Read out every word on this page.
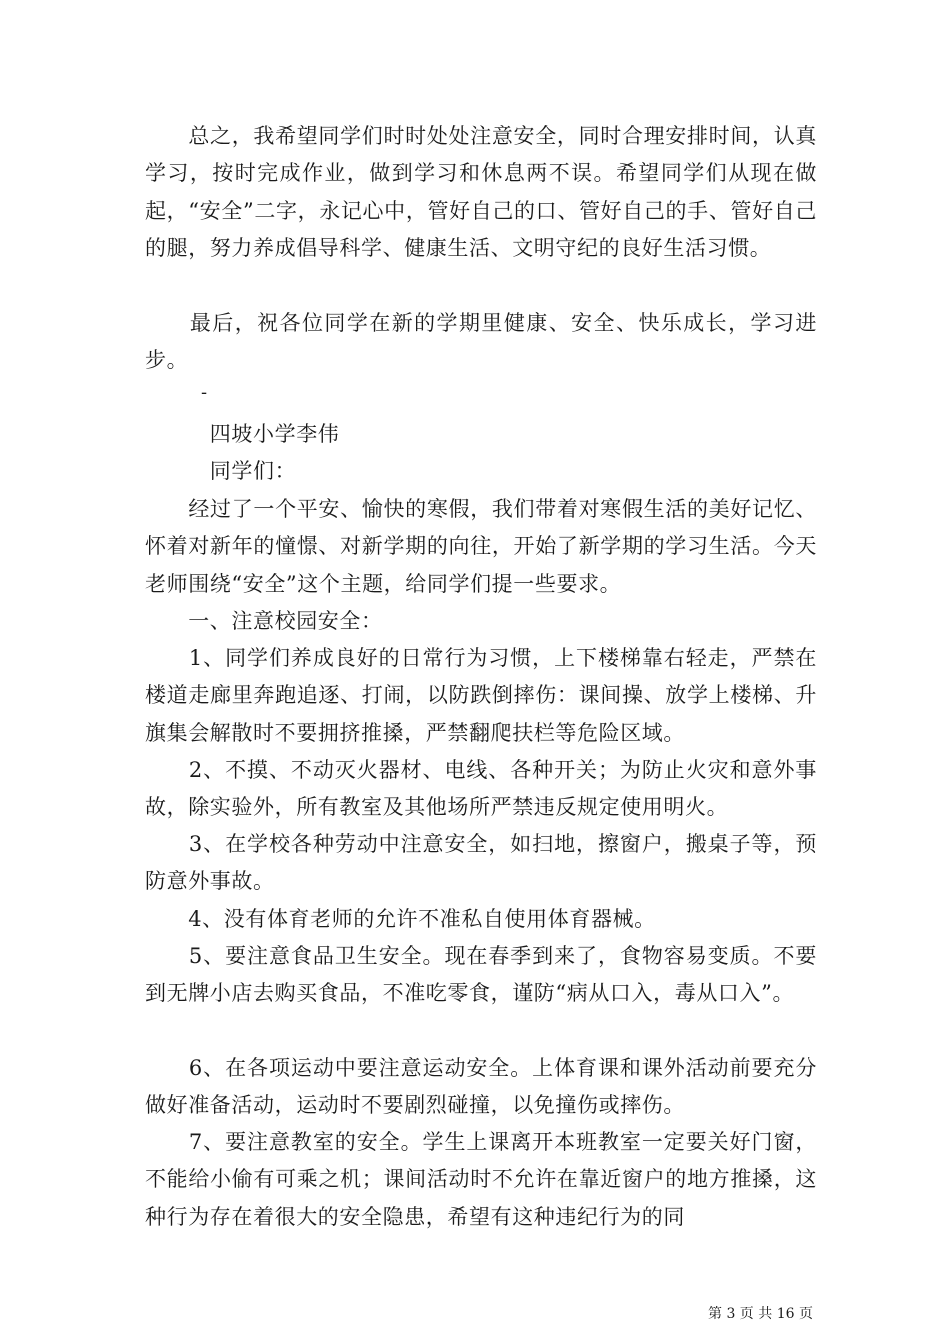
　　总之，我希望同学们时时处处注意安全，同时合理安排时间，认真学习，按时完成作业，做到学习和休息两不误。希望同学们从现在做起，“安全”二字，永记心中，管好自己的口、管好自己的手、管好自己的腿，努力养成倡导科学、健康生活、文明守纪的良好生活习惯。

　　最后，祝各位同学在新的学期里健康、安全、快乐成长，学习进步。

-

　　　四坡小学李伟

　　　同学们：

　　经过了一个平安、愉快的寒假，我们带着对寒假生活的美好记忆、怀着对新年的憧憬、对新学期的向往，开始了新学期的学习生活。今天老师围绕“安全”这个主题，给同学们提一些要求。

　　一、注意校园安全：

　　1、同学们养成良好的日常行为习惯，上下楼梯靠右轻走，严禁在楼道走廊里奔跑追逐、打闹，以防跌倒摔伤：课间操、放学上楼梯、升旗集会解散时不要拥挤推搡，严禁翻爬扶栏等危险区域。

　　2、不摸、不动灭火器材、电线、各种开关；为防止火灾和意外事故，除实验外，所有教室及其他场所严禁违反规定使用明火。

　　3、在学校各种劳动中注意安全，如扫地，擦窗户，搬桌子等，预防意外事故。

　　4、没有体育老师的允许不准私自使用体育器械。

　　5、要注意食品卫生安全。现在春季到来了，食物容易变质。不要到无牌小店去购买食品，不准吃零食，谨防“病从口入，毒从口入”。

　　6、在各项运动中要注意运动安全。上体育课和课外活动前要充分做好准备活动，运动时不要剧烈碰撞，以免撞伤或摔伤。

　　7、要注意教室的安全。学生上课离开本班教室一定要关好门窗，不能给小偷有可乘之机；课间活动时不允许在靠近窗户的地方推搡，这种行为存在着很大的安全隐患，希望有这种违纪行为的同

第 3 页 共 16 页
